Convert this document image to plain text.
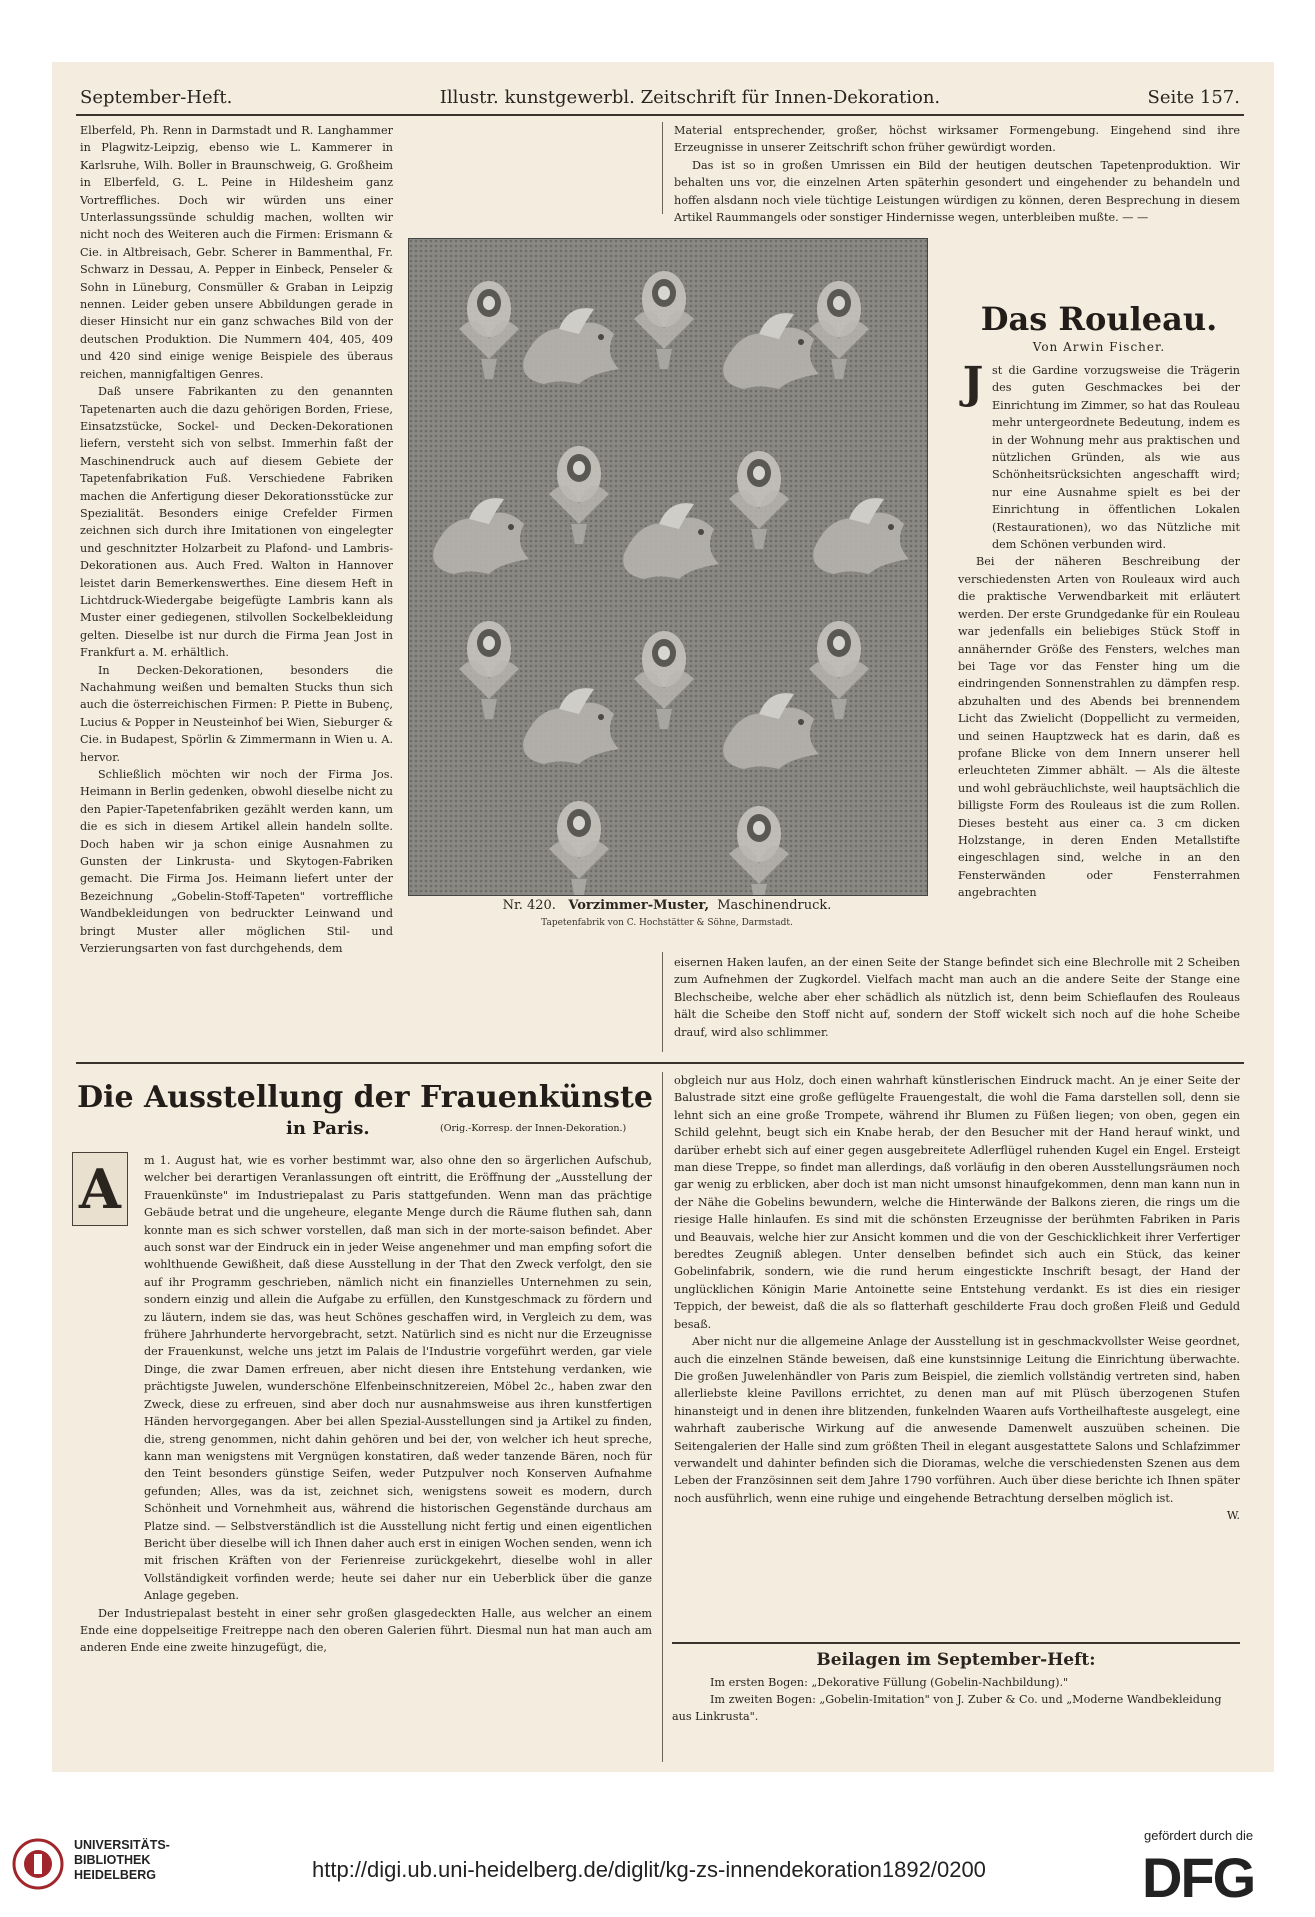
September-Heft.	Illustr. kunstgewerbl. Zeitschrift für Innen-Dekoration.	Seite 157.

Elberfeld, Ph. Renn in Darmstadt und R. Langhammer in Plagwitz-Leipzig, ebenso wie L. Kammerer in Karlsruhe, Wilh. Boller in Braunschweig, G. Großheim in Elberfeld, G. L. Peine in Hildesheim ganz Vortreffliches. Doch wir würden uns einer Unterlassungssünde schuldig machen, wollten wir nicht noch des Weiteren auch die Firmen: Erismann & Cie. in Altbreisach, Gebr. Scherer in Bammenthal, Fr. Schwarz in Dessau, A. Pepper in Einbeck, Penseler & Sohn in Lüneburg, Consmüller & Graban in Leipzig nennen. Leider geben unsere Abbildungen gerade in dieser Hinsicht nur ein ganz schwaches Bild von der deutschen Produktion. Die Nummern 404, 405, 409 und 420 sind einige wenige Beispiele des überaus reichen, mannigfaltigen Genres.

Daß unsere Fabrikanten zu den genannten Tapetenarten auch die dazu gehörigen Borden, Friese, Einsatzstücke, Sockel- und Decken-Dekorationen liefern, versteht sich von selbst. Immerhin faßt der Maschinendruck auch auf diesem Gebiete der Tapetenfabrikation Fuß. Verschiedene Fabriken machen die Anfertigung dieser Dekorationsstücke zur Spezialität. Besonders einige Crefelder Firmen zeichnen sich durch ihre Imitationen von eingelegter und geschnitzter Holzarbeit zu Plafond- und Lambris-Dekorationen aus. Auch Fred. Walton in Hannover leistet darin Bemerkenswerthes. Eine diesem Heft in Lichtdruck-Wiedergabe beigefügte Lambris kann als Muster einer gediegenen, stilvollen Sockelbekleidung gelten. Dieselbe ist nur durch die Firma Jean Jost in Frankfurt a. M. erhältlich.

In Decken-Dekorationen, besonders die Nachahmung weißen und bemalten Stucks thun sich auch die österreichischen Firmen: P. Piette in Bubenç, Lucius & Popper in Neusteinhof bei Wien, Sieburger & Cie. in Budapest, Spörlin & Zimmermann in Wien u. A. hervor.

Schließlich möchten wir noch der Firma Jos. Heimann in Berlin gedenken, obwohl dieselbe nicht zu den Papier-Tapetenfabriken gezählt werden kann, um die es sich in diesem Artikel allein handeln sollte. Doch haben wir ja schon einige Ausnahmen zu Gunsten der Linkrusta- und Skytogen-Fabriken gemacht. Die Firma Jos. Heimann liefert unter der Bezeichnung „Gobelin-Stoff-Tapeten" vortreffliche Wandbekleidungen von bedruckter Leinwand und bringt Muster aller möglichen Stil- und Verzierungsarten von fast durchgehends, dem

Material entsprechender, großer, höchst wirksamer Formengebung. Eingehend sind ihre Erzeugnisse in unserer Zeitschrift schon früher gewürdigt worden.

Das ist so in großen Umrissen ein Bild der heutigen deutschen Tapetenproduktion. Wir behalten uns vor, die einzelnen Arten späterhin gesondert und eingehender zu behandeln und hoffen alsdann noch viele tüchtige Leistungen würdigen zu können, deren Besprechung in diesem Artikel Raummangels oder sonstiger Hindernisse wegen, unterbleiben mußte. — —

Nr. 420. Vorzimmer-Muster, Maschinendruck.
Tapetenfabrik von C. Hochstätter & Söhne, Darmstadt.
Das Rouleau.
Von Arwin Fischer.
J st die Gardine vorzugsweise die Trägerin des guten Geschmackes bei der Einrichtung im Zimmer, so hat das Rouleau mehr untergeordnete Bedeutung, indem es in der Wohnung mehr aus praktischen und nützlichen Gründen, als wie aus Schönheitsrücksichten angeschafft wird; nur eine Ausnahme spielt es bei der Einrichtung in öffentlichen Lokalen (Restaurationen), wo das Nützliche mit dem Schönen verbunden wird.

Bei der näheren Beschreibung der verschiedensten Arten von Rouleaux wird auch die praktische Verwendbarkeit mit erläutert werden. Der erste Grundgedanke für ein Rouleau war jedenfalls ein beliebiges Stück Stoff in annähernder Größe des Fensters, welches man bei Tage vor das Fenster hing um die eindringenden Sonnenstrahlen zu dämpfen resp. abzuhalten und des Abends bei brennendem Licht das Zwielicht (Doppellicht zu vermeiden, und seinen Hauptzweck hat es darin, daß es profane Blicke von dem Innern unserer hell erleuchteten Zimmer abhält. — Als die älteste und wohl gebräuchlichste, weil hauptsächlich die billigste Form des Rouleaus ist die zum Rollen. Dieses besteht aus einer ca. 3 cm dicken Holzstange, in deren Enden Metallstifte eingeschlagen sind, welche in an den Fensterwänden oder Fensterrahmen angebrachten

eisernen Haken laufen, an der einen Seite der Stange befindet sich eine Blechrolle mit 2 Scheiben zum Aufnehmen der Zugkordel. Vielfach macht man auch an die andere Seite der Stange eine Blechscheibe, welche aber eher schädlich als nützlich ist, denn beim Schieflaufen des Rouleaus hält die Scheibe den Stoff nicht auf, sondern der Stoff wickelt sich noch auf die hohe Scheibe drauf, wird also schlimmer.

Die Ausstellung der Frauenkünste
in Paris.	(Orig.-Korresp. der Innen-Dekoration.)
A	m 1. August hat, wie es vorher bestimmt war, also ohne den so ärgerlichen Aufschub, welcher bei derartigen Veranlassungen oft eintritt, die Eröffnung der „Ausstellung der Frauenkünste" im Industriepalast zu Paris stattgefunden. Wenn man das prächtige Gebäude betrat und die ungeheure, elegante Menge durch die Räume fluthen sah, dann konnte man es sich schwer vorstellen, daß man sich in der morte-saison befindet. Aber auch sonst war der Eindruck ein in jeder Weise angenehmer und man empfing sofort die wohlthuende Gewißheit, daß diese Ausstellung in der That den Zweck verfolgt, den sie auf ihr Programm geschrieben, nämlich nicht ein finanzielles Unternehmen zu sein, sondern einzig und allein die Aufgabe zu erfüllen, den Kunstgeschmack zu fördern und zu läutern, indem sie das, was heut Schönes geschaffen wird, in Vergleich zu dem, was frühere Jahrhunderte hervorgebracht, setzt. Natürlich sind es nicht nur die Erzeugnisse der Frauenkunst, welche uns jetzt im Palais de l'Industrie vorgeführt werden, gar viele Dinge, die zwar Damen erfreuen, aber nicht diesen ihre Entstehung verdanken, wie prächtigste Juwelen, wunderschöne Elfenbeinschnitzereien, Möbel 2c., haben zwar den Zweck, diese zu erfreuen, sind aber doch nur ausnahmsweise aus ihren kunstfertigen Händen hervorgegangen. Aber bei allen Spezial-Ausstellungen sind ja Artikel zu finden, die, streng genommen, nicht dahin gehören und bei der, von welcher ich heut spreche, kann man wenigstens mit Vergnügen konstatiren, daß weder tanzende Bären, noch für den Teint besonders günstige Seifen, weder Putzpulver noch Konserven Aufnahme gefunden; Alles, was da ist, zeichnet sich, wenigstens soweit es modern, durch Schönheit und Vornehmheit aus, während die historischen Gegenstände durchaus am Platze sind. — Selbstverständlich ist die Ausstellung nicht fertig und einen eigentlichen Bericht über dieselbe will ich Ihnen daher auch erst in einigen Wochen senden, wenn ich mit frischen Kräften von der Ferienreise zurückgekehrt, dieselbe wohl in aller Vollständigkeit vorfinden werde; heute sei daher nur ein Ueberblick über die ganze Anlage gegeben.

Der Industriepalast besteht in einer sehr großen glasgedeckten Halle, aus welcher an einem Ende eine doppelseitige Freitreppe nach den oberen Galerien führt. Diesmal nun hat man auch am anderen Ende eine zweite hinzugefügt, die,

obgleich nur aus Holz, doch einen wahrhaft künstlerischen Eindruck macht. An je einer Seite der Balustrade sitzt eine große geflügelte Frauengestalt, die wohl die Fama darstellen soll, denn sie lehnt sich an eine große Trompete, während ihr Blumen zu Füßen liegen; von oben, gegen ein Schild gelehnt, beugt sich ein Knabe herab, der den Besucher mit der Hand herauf winkt, und darüber erhebt sich auf einer gegen ausgebreitete Adlerflügel ruhenden Kugel ein Engel. Ersteigt man diese Treppe, so findet man allerdings, daß vorläufig in den oberen Ausstellungsräumen noch gar wenig zu erblicken, aber doch ist man nicht umsonst hinaufgekommen, denn man kann nun in der Nähe die Gobelins bewundern, welche die Hinterwände der Balkons zieren, die rings um die riesige Halle hinlaufen. Es sind mit die schönsten Erzeugnisse der berühmten Fabriken in Paris und Beauvais, welche hier zur Ansicht kommen und die von der Geschicklichkeit ihrer Verfertiger beredtes Zeugniß ablegen. Unter denselben befindet sich auch ein Stück, das keiner Gobelinfabrik, sondern, wie die rund herum eingestickte Inschrift besagt, der Hand der unglücklichen Königin Marie Antoinette seine Entstehung verdankt. Es ist dies ein riesiger Teppich, der beweist, daß die als so flatterhaft geschilderte Frau doch großen Fleiß und Geduld besaß.

Aber nicht nur die allgemeine Anlage der Ausstellung ist in geschmackvollster Weise geordnet, auch die einzelnen Stände beweisen, daß eine kunstsinnige Leitung die Einrichtung überwachte. Die großen Juwelenhändler von Paris zum Beispiel, die ziemlich vollständig vertreten sind, haben allerliebste kleine Pavillons errichtet, zu denen man auf mit Plüsch überzogenen Stufen hinansteigt und in denen ihre blitzenden, funkelnden Waaren aufs Vortheilhafteste ausgelegt, eine wahrhaft zauberische Wirkung auf die anwesende Damenwelt auszuüben scheinen. Die Seitengalerien der Halle sind zum größten Theil in elegant ausgestattete Salons und Schlafzimmer verwandelt und dahinter befinden sich die Dioramas, welche die verschiedensten Szenen aus dem Leben der Französinnen seit dem Jahre 1790 vorführen. Auch über diese berichte ich Ihnen später noch ausführlich, wenn eine ruhige und eingehende Betrachtung derselben möglich ist.

W.
Beilagen im September-Heft:
Im ersten Bogen: „Dekorative Füllung (Gobelin-Nachbildung)."
Im zweiten Bogen: „Gobelin-Imitation" von J. Zuber & Co. und „Moderne Wandbekleidung aus Linkrusta".
UNIVERSITÄTS-
BIBLIOTHEK
HEIDELBERG	http://digi.ub.uni-heidelberg.de/diglit/kg-zs-innendekoration1892/0200
gefördert durch die
DFG
